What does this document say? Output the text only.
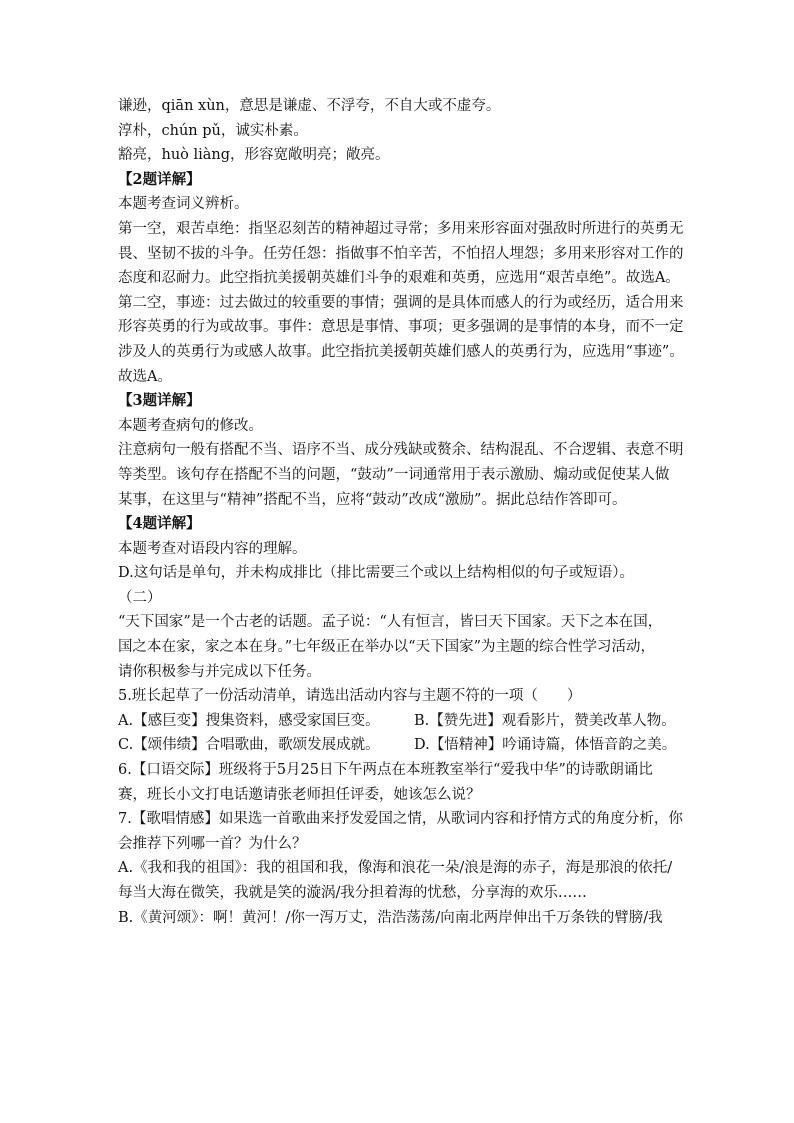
谦逊，qiān xùn，意思是谦虚、不浮夸，不自大或不虚夸。

淳朴，chún pǔ，诚实朴素。

豁亮，huò liàng，形容宽敞明亮；敞亮。

【2题详解】

本题考查词义辨析。

第一空，艰苦卓绝：指坚忍刻苦的精神超过寻常；多用来形容面对强敌时所进行的英勇无

畏、坚韧不拔的斗争。任劳任怨：指做事不怕辛苦，不怕招人埋怨；多用来形容对工作的

态度和忍耐力。此空指抗美援朝英雄们斗争的艰难和英勇，应选用“艰苦卓绝”。故选A。

第二空，事迹：过去做过的较重要的事情；强调的是具体而感人的行为或经历，适合用来

形容英勇的行为或故事。事件：意思是事情、事项；更多强调的是事情的本身，而不一定

涉及人的英勇行为或感人故事。此空指抗美援朝英雄们感人的英勇行为，应选用“事迹”。

故选A。

【3题详解】

本题考查病句的修改。

注意病句一般有搭配不当、语序不当、成分残缺或赘余、结构混乱、不合逻辑、表意不明

等类型。该句存在搭配不当的问题，“鼓动”一词通常用于表示激励、煽动或促使某人做

某事，在这里与“精神”搭配不当，应将“鼓动”改成“激励”。据此总结作答即可。

【4题详解】

本题考查对语段内容的理解。

D.这句话是单句，并未构成排比（排比需要三个或以上结构相似的句子或短语）。

（二）

“天下国家”是一个古老的话题。孟子说：“人有恒言，皆曰天下国家。天下之本在国，

国之本在家，家之本在身。”七年级正在举办以“天下国家”为主题的综合性学习活动，

请你积极参与并完成以下任务。

5.班长起草了一份活动清单，请选出活动内容与主题不符的一项（　　）

A.【感巨变】搜集资料，感受家国巨变。	B.【赞先进】观看影片，赞美改革人物。
C.【颂伟绩】合唱歌曲，歌颂发展成就。	D.【悟精神】吟诵诗篇，体悟音韵之美。

6.【口语交际】班级将于5月25日下午两点在本班教室举行“爱我中华”的诗歌朗诵比

赛，班长小文打电话邀请张老师担任评委，她该怎么说？

7.【歌唱情感】如果选一首歌曲来抒发爱国之情，从歌词内容和抒情方式的角度分析，你

会推荐下列哪一首？为什么？

A.《我和我的祖国》：我的祖国和我，像海和浪花一朵/浪是海的赤子，海是那浪的依托/

每当大海在微笑，我就是笑的漩涡/我分担着海的忧愁，分享海的欢乐……

B.《黄河颂》：啊！黄河！/你一泻万丈，浩浩荡荡/向南北两岸伸出千万条铁的臂膀/我
